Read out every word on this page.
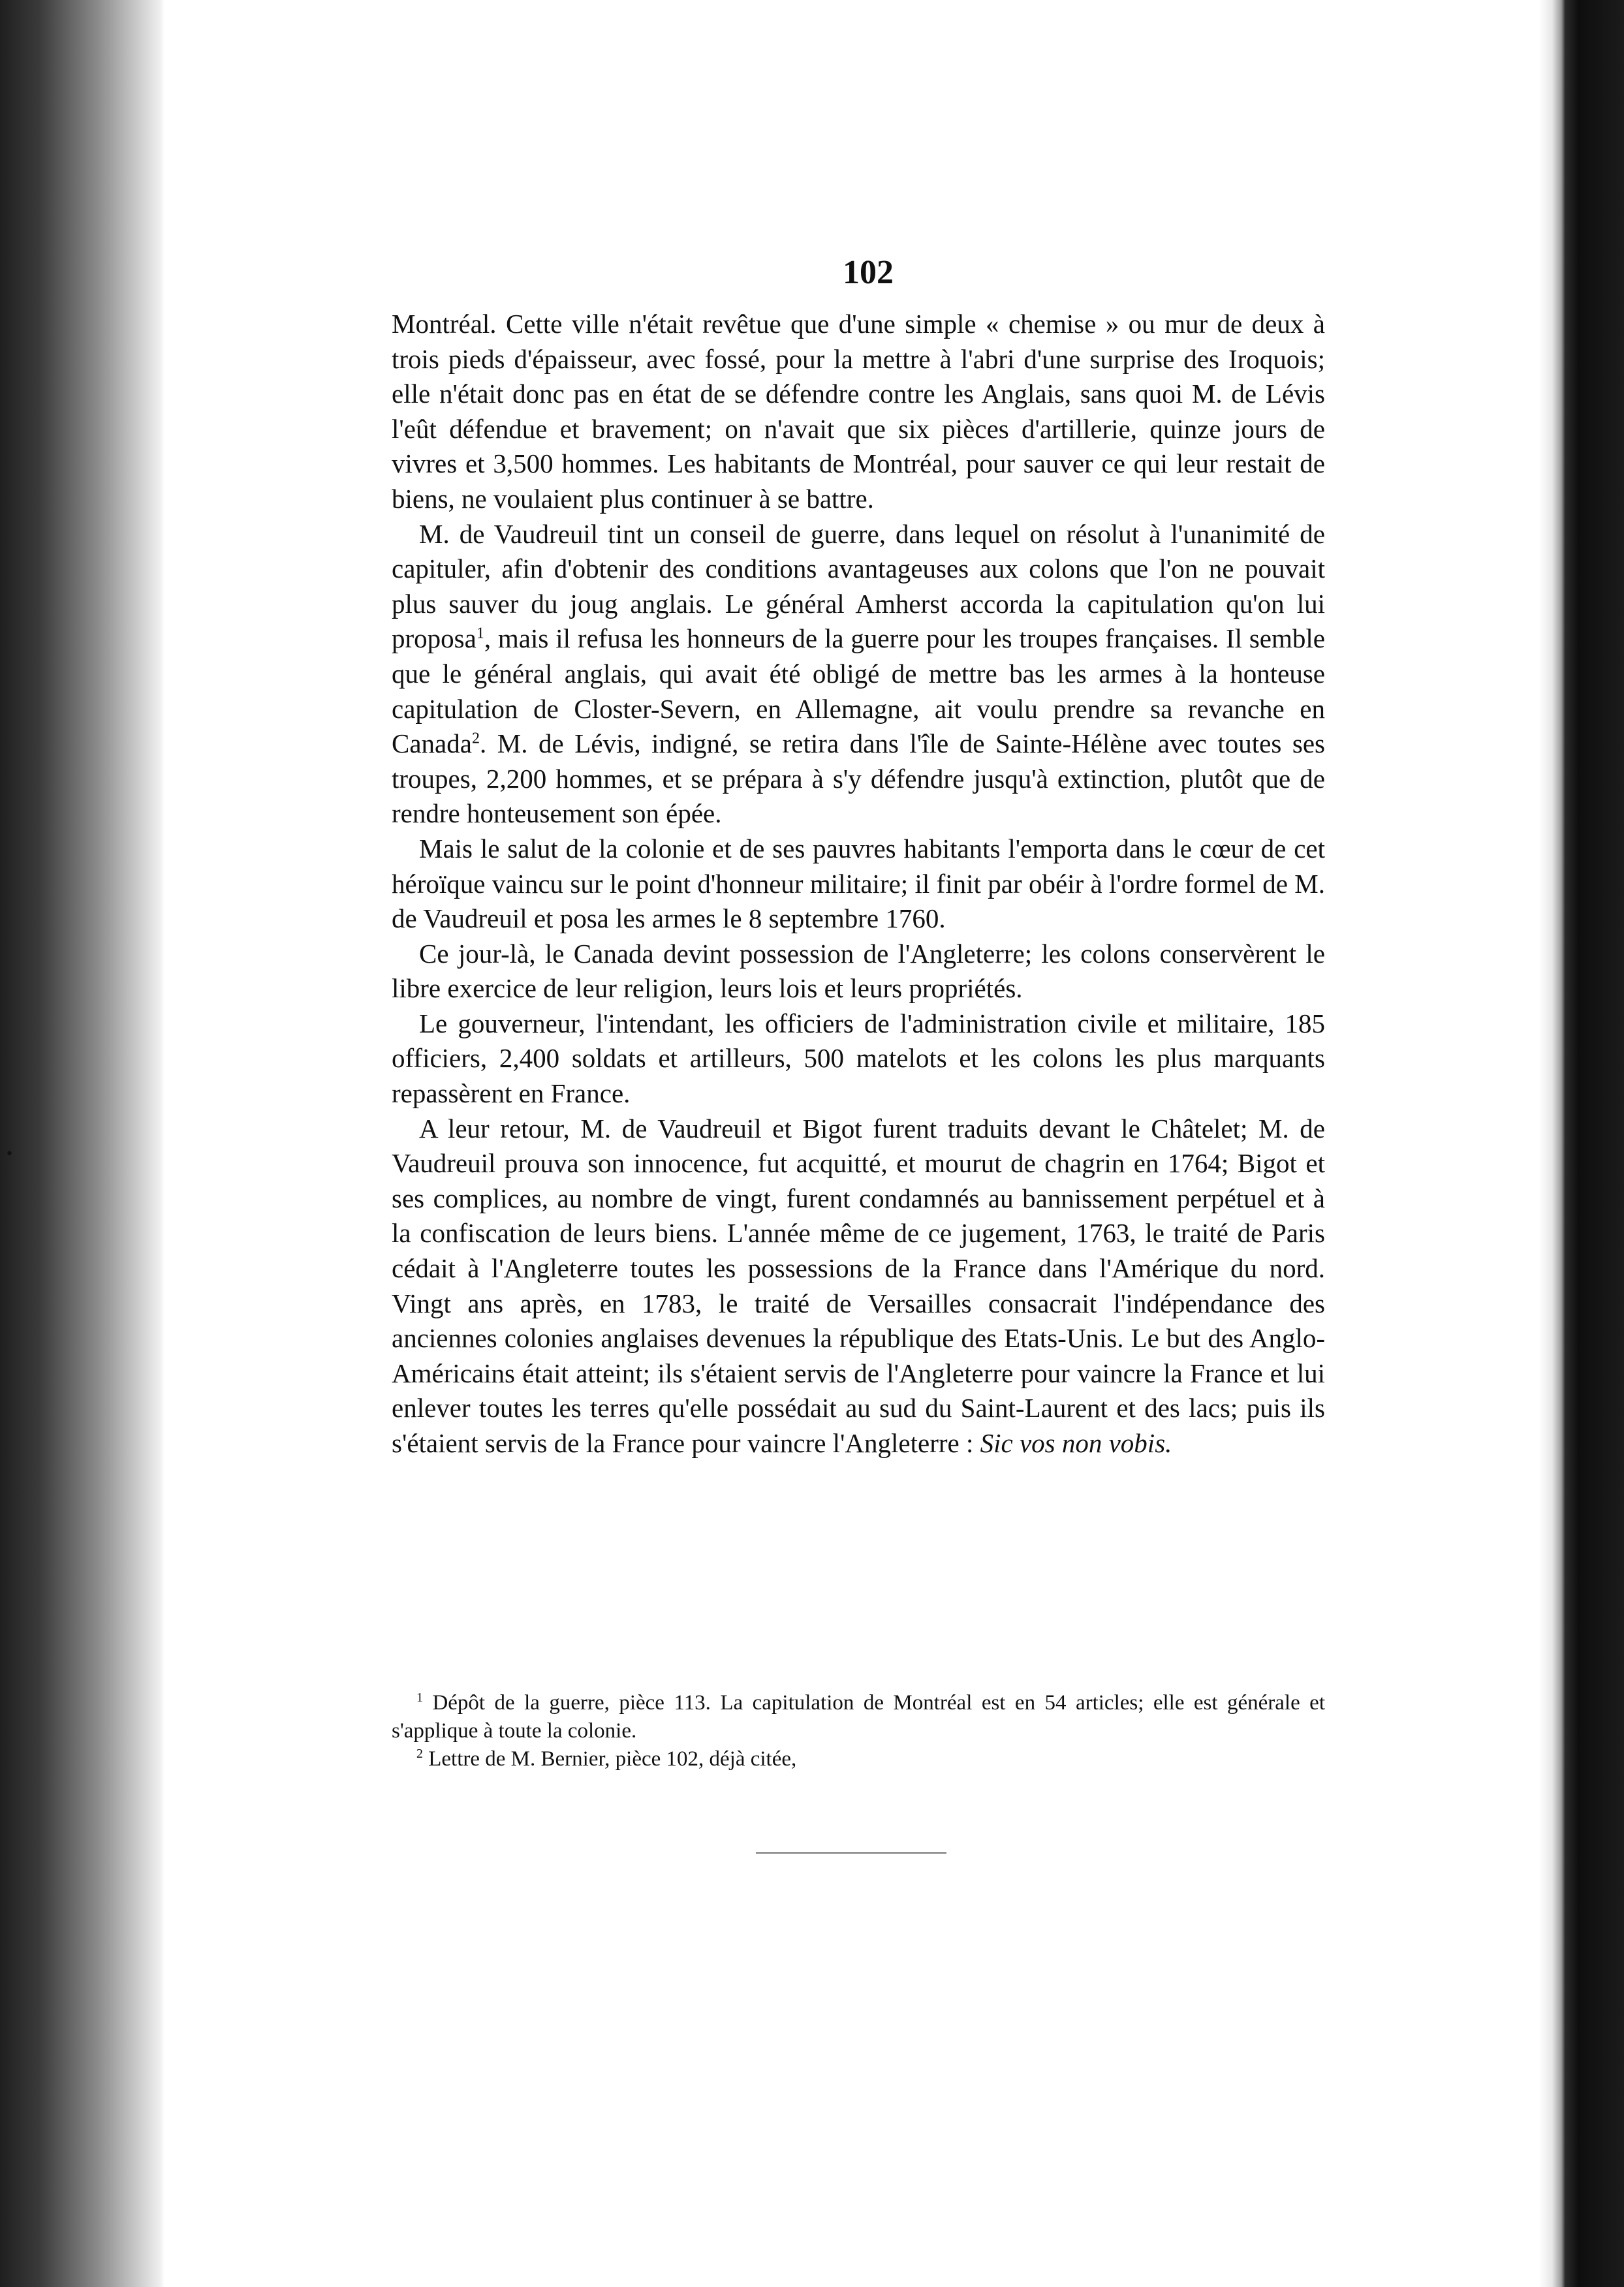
•
102

Montréal. Cette ville n'était revêtue que d'une simple « chemise » ou mur de deux à trois pieds d'épaisseur, avec fossé, pour la mettre à l'abri d'une surprise des Iroquois; elle n'était donc pas en état de se défendre contre les Anglais, sans quoi M. de Lévis l'eût défendue et bravement; on n'avait que six pièces d'artillerie, quinze jours de vivres et 3,500 hommes. Les habitants de Montréal, pour sauver ce qui leur restait de biens, ne voulaient plus continuer à se battre.

M. de Vaudreuil tint un conseil de guerre, dans lequel on résolut à l'unanimité de capituler, afin d'obtenir des conditions avantageuses aux colons que l'on ne pouvait plus sauver du joug anglais. Le général Amherst accorda la capitulation qu'on lui proposa$^1$, mais il refusa les honneurs de la guerre pour les troupes françaises. Il semble que le général anglais, qui avait été obligé de mettre bas les armes à la honteuse capitulation de Closter-Severn, en Allemagne, ait voulu prendre sa revanche en Canada$^2$. M. de Lévis, indigné, se retira dans l'île de Sainte-Hélène avec toutes ses troupes, 2,200 hommes, et se prépara à s'y défendre jusqu'à extinction, plutôt que de rendre honteusement son épée.

Mais le salut de la colonie et de ses pauvres habitants l'emporta dans le cœur de cet héroïque vaincu sur le point d'honneur militaire; il finit par obéir à l'ordre formel de M. de Vaudreuil et posa les armes le 8 septembre 1760.

Ce jour-là, le Canada devint possession de l'Angleterre; les colons conservèrent le libre exercice de leur religion, leurs lois et leurs propriétés.

Le gouverneur, l'intendant, les officiers de l'administration civile et militaire, 185 officiers, 2,400 soldats et artilleurs, 500 matelots et les colons les plus marquants repassèrent en France.

A leur retour, M. de Vaudreuil et Bigot furent traduits devant le Châtelet; M. de Vaudreuil prouva son innocence, fut acquitté, et mourut de chagrin en 1764; Bigot et ses complices, au nombre de vingt, furent condamnés au bannissement perpétuel et à la confiscation de leurs biens. L'année même de ce jugement, 1763, le traité de Paris cédait à l'Angleterre toutes les possessions de la France dans l'Amérique du nord. Vingt ans après, en 1783, le traité de Versailles consacrait l'indépendance des anciennes colonies anglaises devenues la république des Etats-Unis. Le but des Anglo-Américains était atteint; ils s'étaient servis de l'Angleterre pour vaincre la France et lui enlever toutes les terres qu'elle possédait au sud du Saint-Laurent et des lacs; puis ils s'étaient servis de la France pour vaincre l'Angleterre : Sic vos non vobis.

$^1$ Dépôt de la guerre, pièce 113. La capitulation de Montréal est en 54 articles; elle est générale et s'applique à toute la colonie.

$^2$ Lettre de M. Bernier, pièce 102, déjà citée,
